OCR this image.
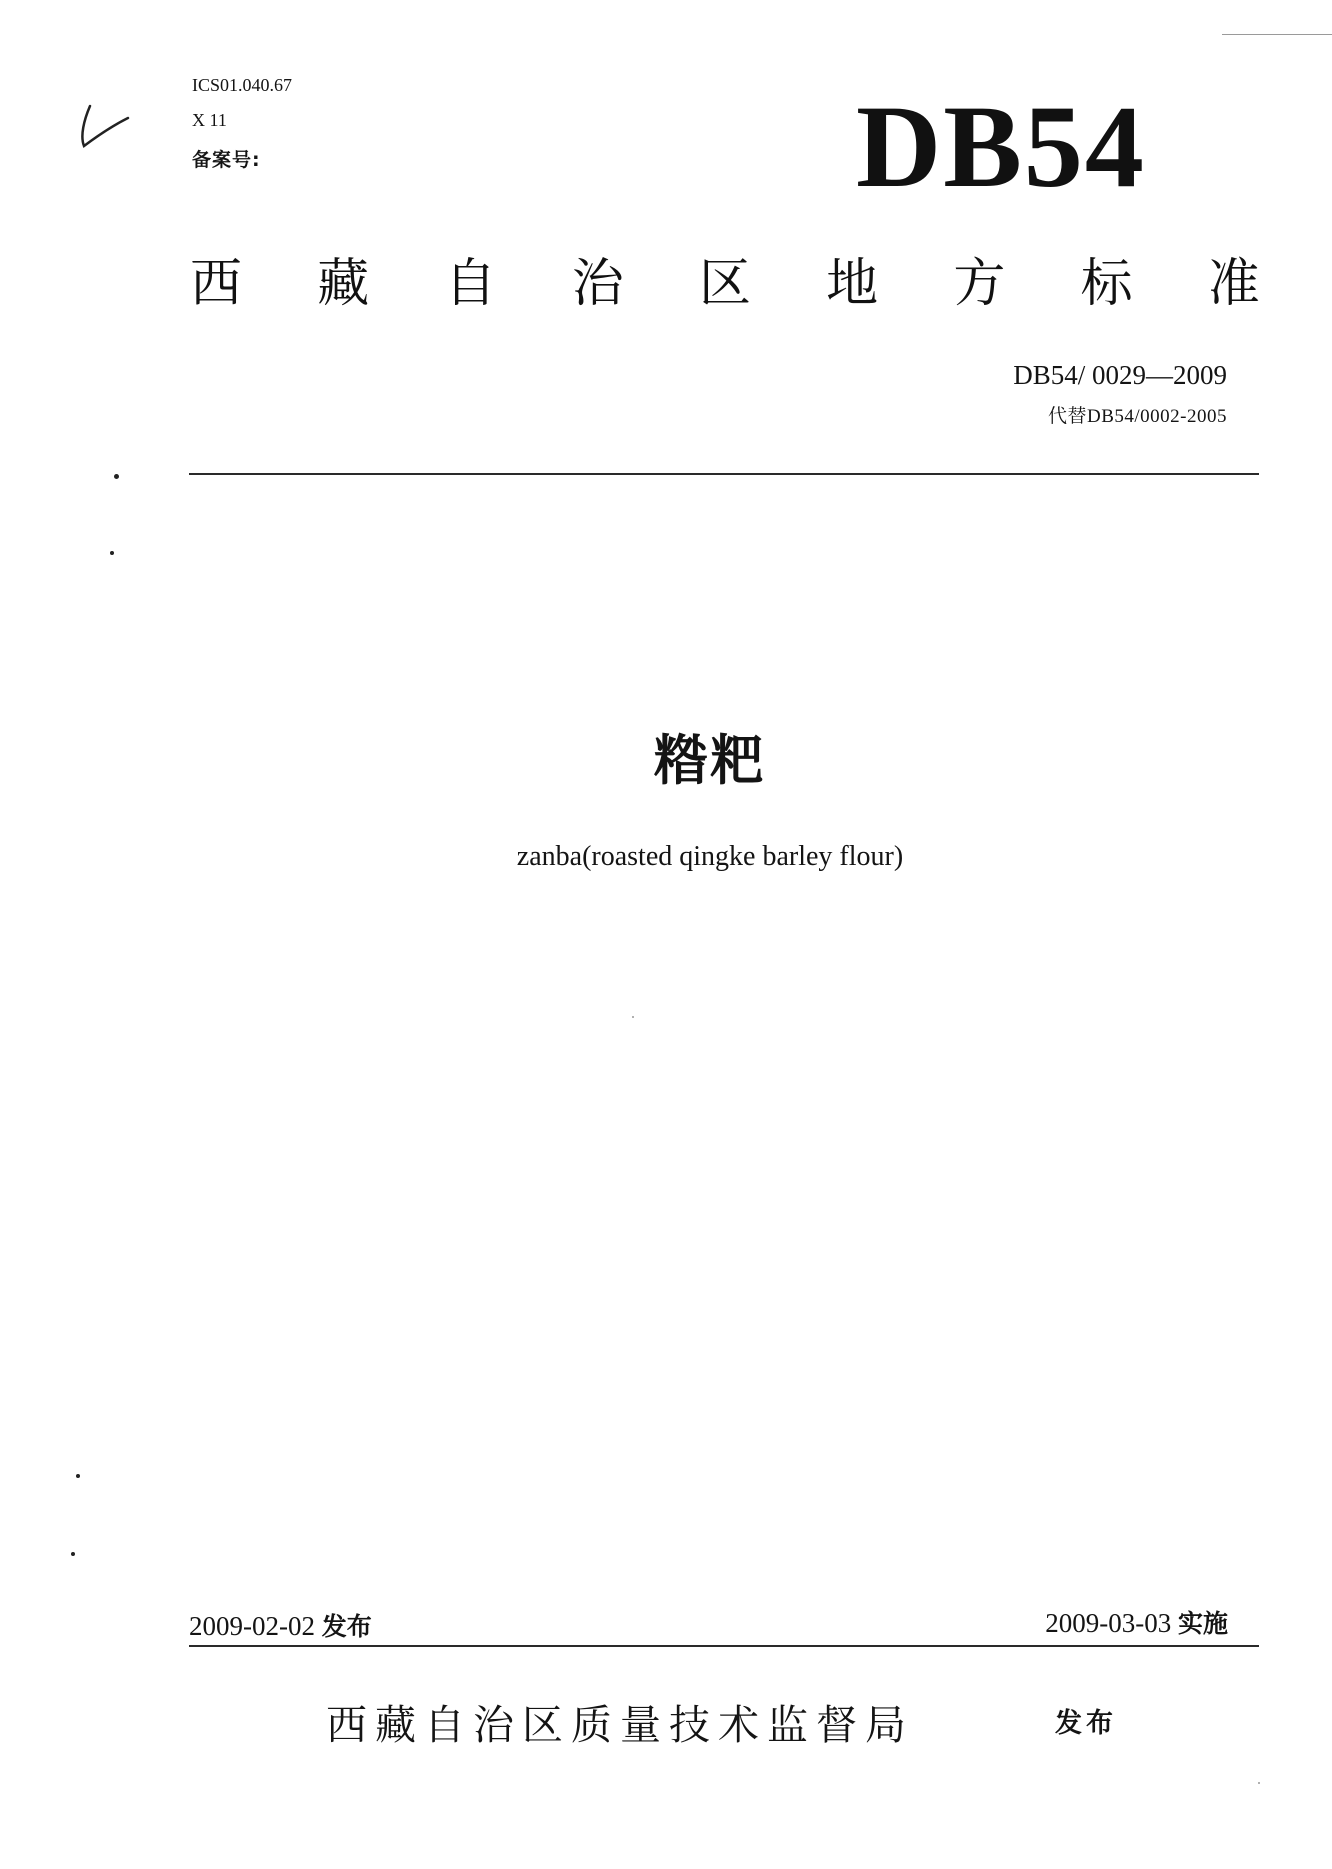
ICS01.040.67
X 11
备案号:	DB54
西 藏 自 治 区 地 方 标 准
DB54/ 0029—2009
代替DB54/0002-2005
糌粑
zanba(roasted qingke barley flour)
2009-02-02 发布	2009-03-03 实施
西藏自治区质量技术监督局	发布
